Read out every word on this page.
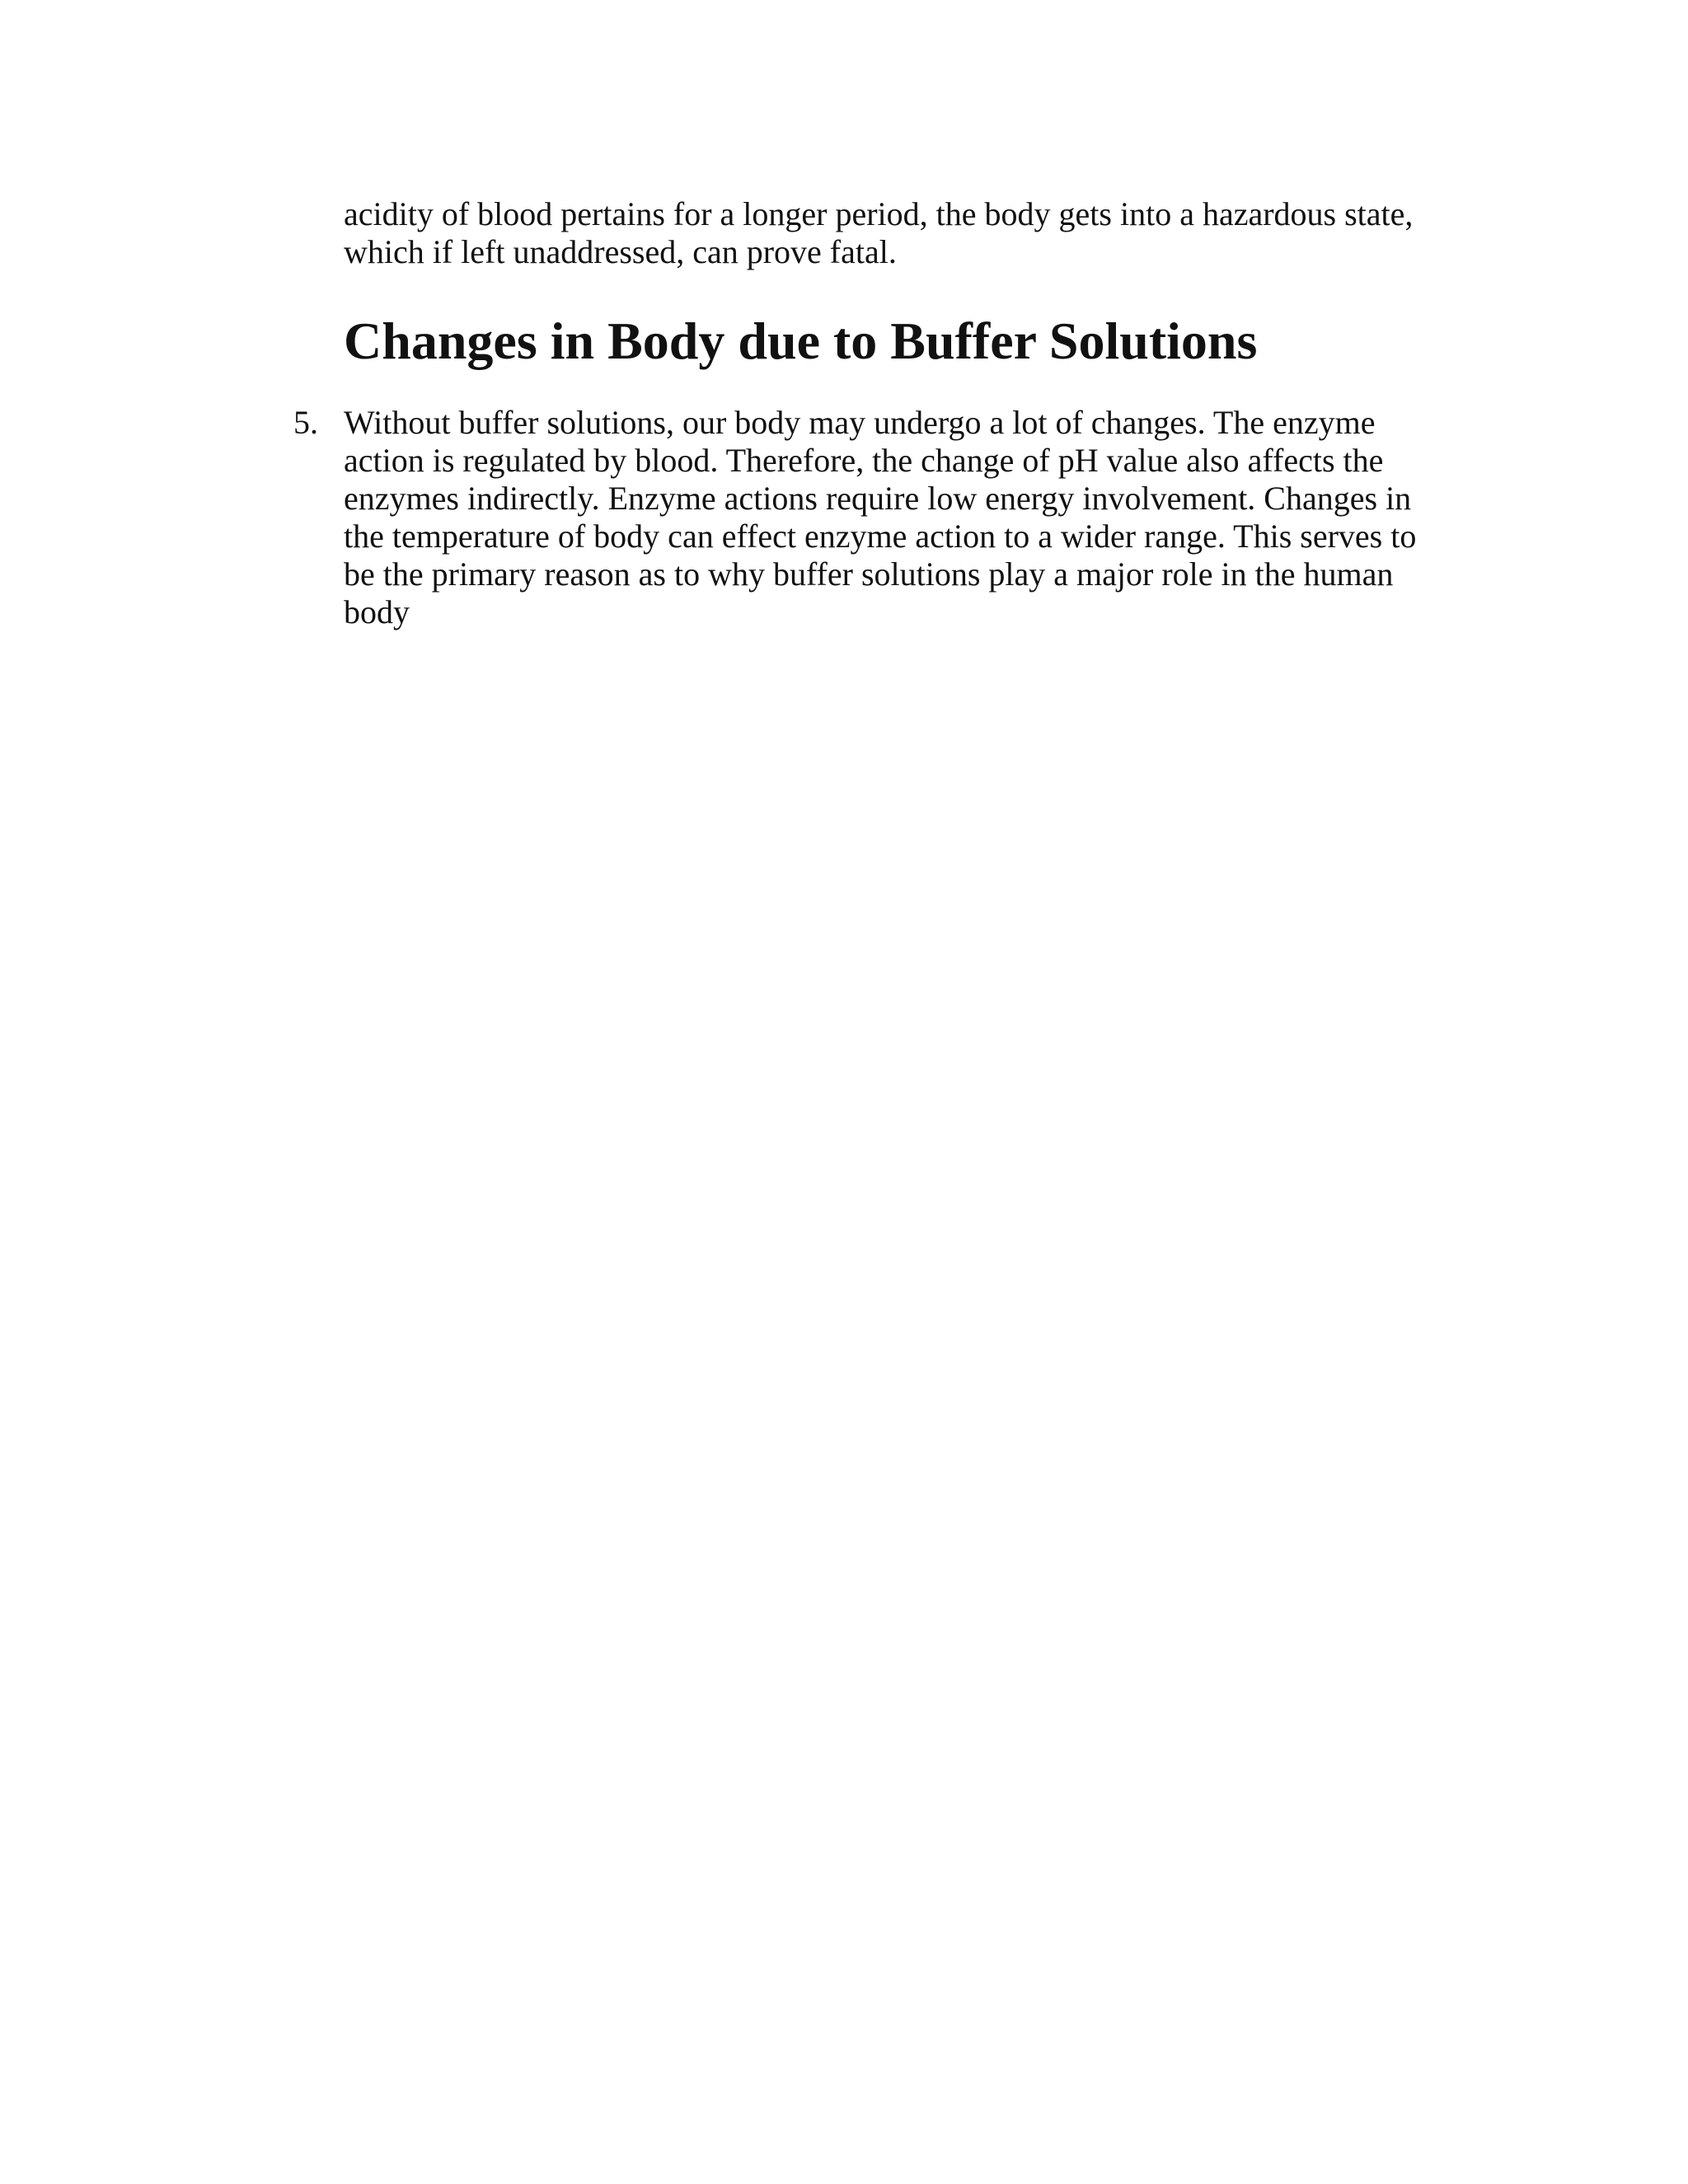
acidity of blood pertains for a longer period, the body gets into a hazardous state,
which if left unaddressed, can prove fatal.

Changes in Body due to Buffer Solutions
5. Without buffer solutions, our body may undergo a lot of changes. The enzyme
action is regulated by blood. Therefore, the change of pH value also affects the
enzymes indirectly. Enzyme actions require low energy involvement. Changes in
the temperature of body can effect enzyme action to a wider range. This serves to
be the primary reason as to why buffer solutions play a major role in the human
body
